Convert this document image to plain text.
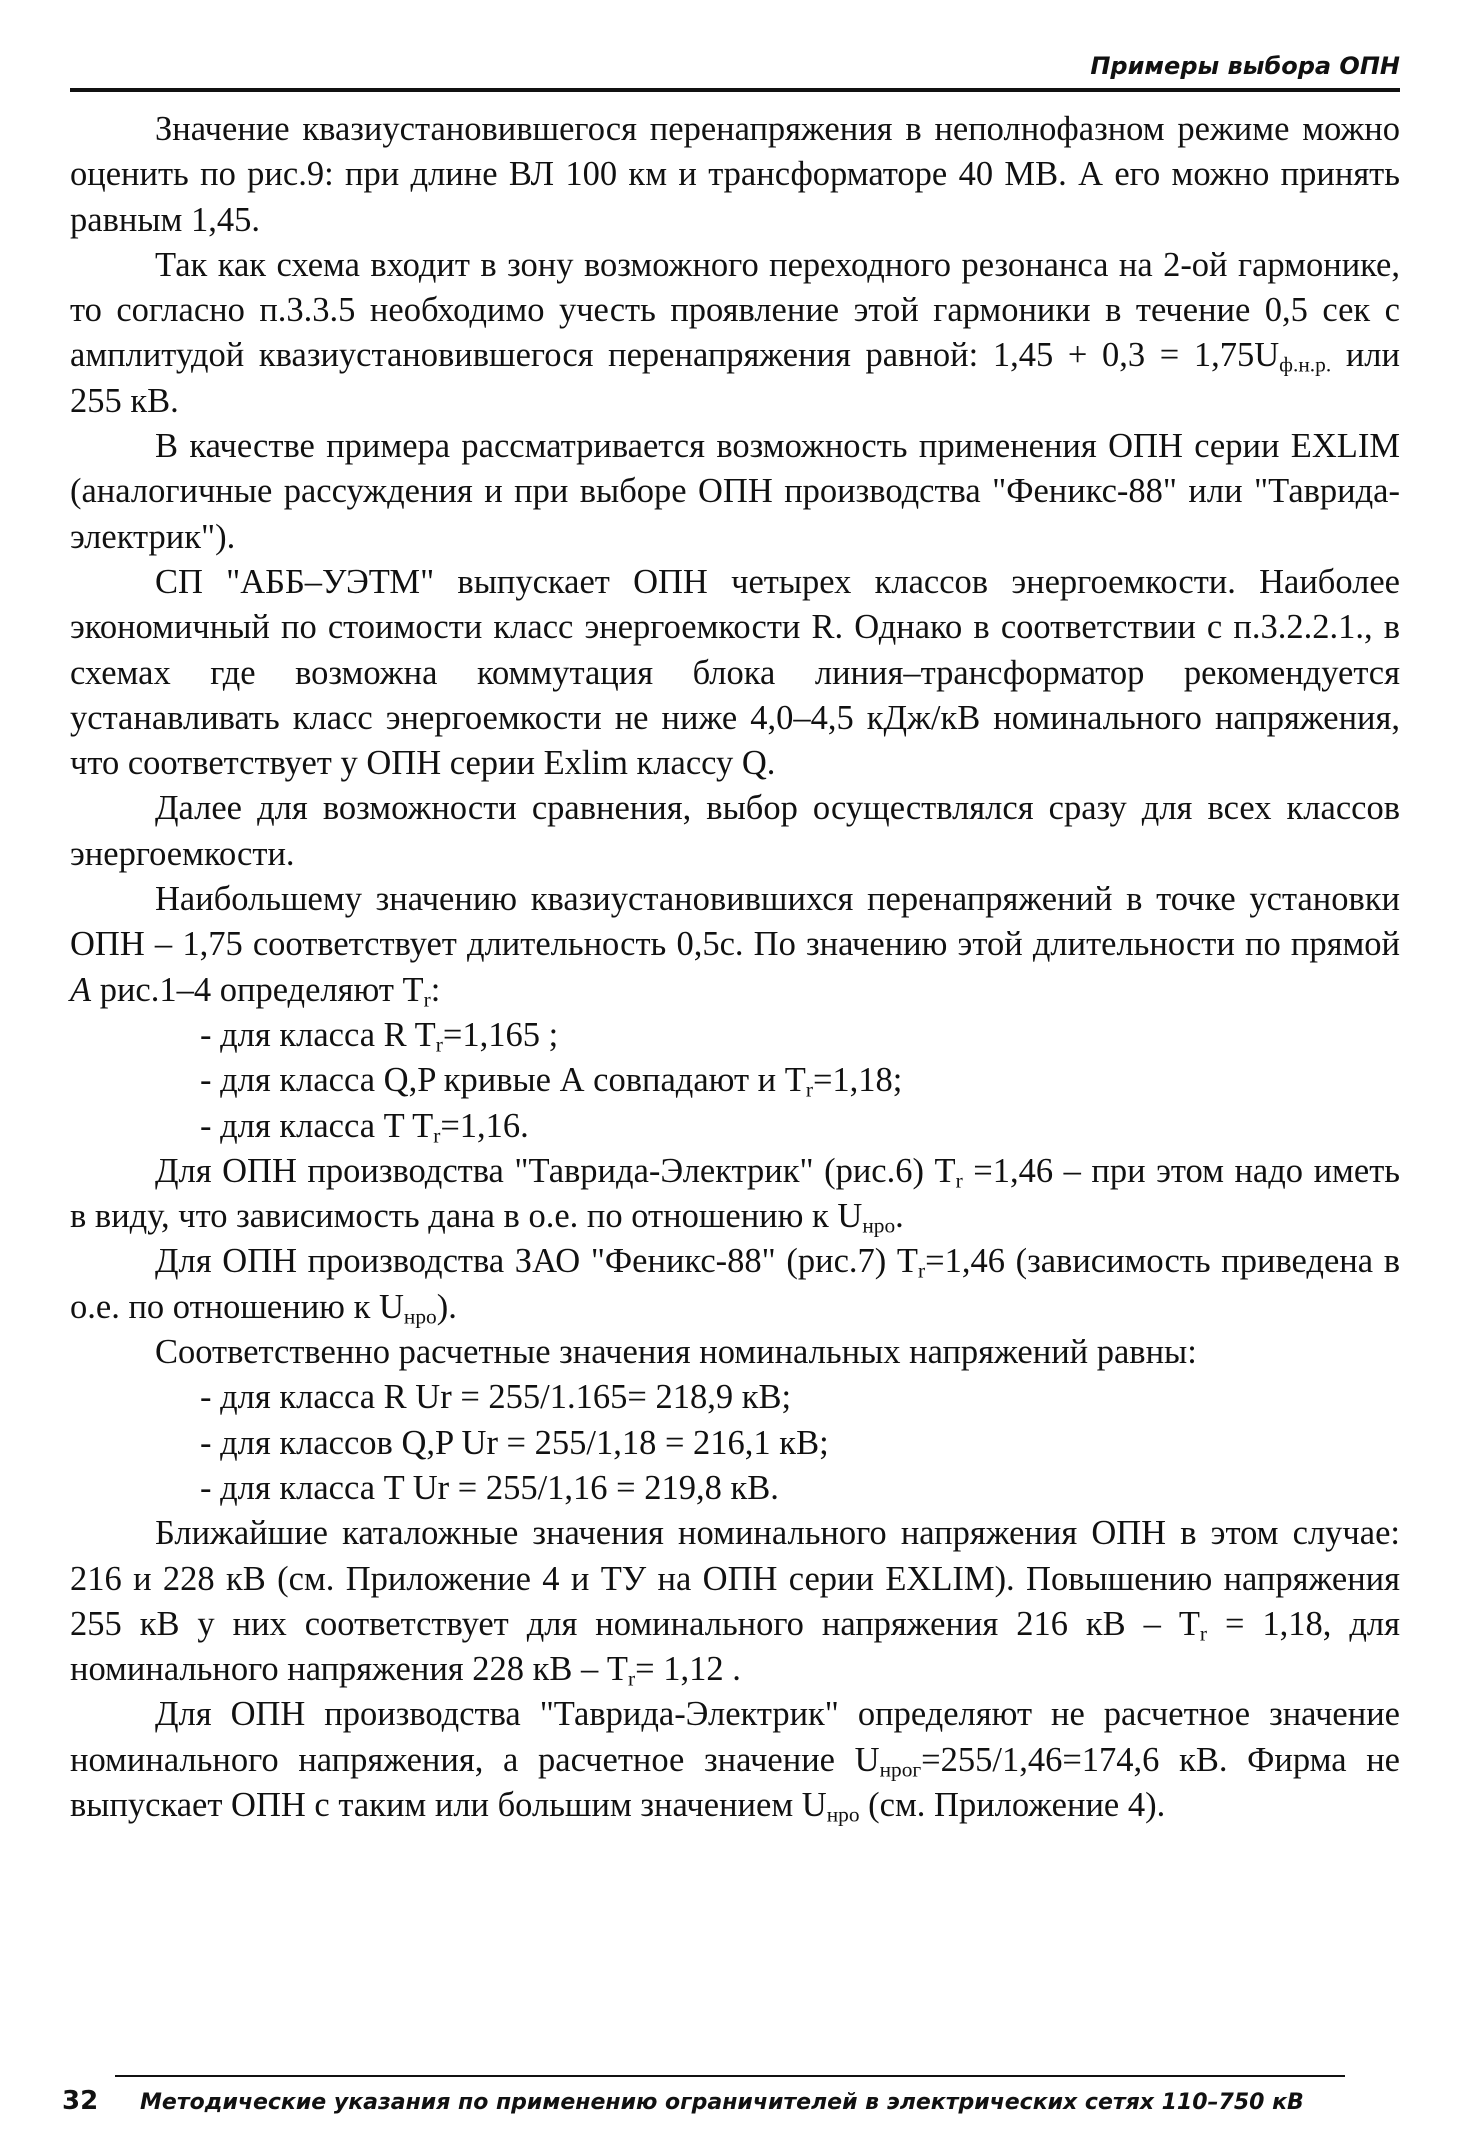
Примеры выбора ОПН

Значение квазиустановившегося перенапряжения в неполнофазном режиме можно оценить по рис.9: при длине ВЛ 100 км и трансформаторе 40 МВ. А его можно принять равным 1,45.

Так как схема входит в зону возможного переходного резонанса на 2-ой гармонике, то согласно п.3.3.5 необходимо учесть проявление этой гармоники в течение 0,5 сек с амплитудой квазиустановившегося перенапряжения равной: $1,45 + 0,3 = 1,75U_{ф.н.р.}$ или 255 кВ.

В качестве примера рассматривается возможность применения ОПН серии EXLIM (аналогичные рассуждения и при выборе ОПН производства "Феникс-88" или "Таврида-электрик").

СП "АББ–УЭТМ" выпускает ОПН четырех классов энергоемкости. Наиболее экономичный по стоимости класс энергоемкости R. Однако в соответствии с п.3.2.2.1., в схемах где возможна коммутация блока линия–трансформатор рекомендуется устанавливать класс энергоемкости не ниже 4,0–4,5 кДж/кВ номинального напряжения, что соответствует у ОПН серии Exlim классу Q.

Далее для возможности сравнения, выбор осуществлялся сразу для всех классов энергоемкости.

Наибольшему значению квазиустановившихся перенапряжений в точке установки ОПН – 1,75 соответствует длительность 0,5с. По значению этой длительности по прямой A рис.1–4 определяют $T_r$:

- для класса R $T_r=1,165$ ;

- для класса Q,P кривые А совпадают и $T_r=1,18$;

- для класса T $T_r=1,16$.

Для ОПН производства "Таврида-Электрик" (рис.6) $T_r =1,46$ – при этом надо иметь в виду, что зависимость дана в о.е. по отношению к $U_{нро}$.

Для ОПН производства ЗАО "Феникс-88" (рис.7) $T_r=1,46$ (зависимость приведена в о.е. по отношению к $U_{нро}$).

Соответственно расчетные значения номинальных напряжений равны:

- для класса R Ur = 255/1.165= 218,9 кВ;

- для классов Q,P Ur = 255/1,18 = 216,1 кВ;

- для класса T Ur = 255/1,16 = 219,8 кВ.

Ближайшие каталожные значения номинального напряжения ОПН в этом случае: 216 и 228 кВ (см. Приложение 4 и ТУ на ОПН серии EXLIM). Повышению напряжения 255 кВ у них соответствует для номинального напряжения 216 кВ – $T_r = 1,18$, для номинального напряжения 228 кВ – $T_r= 1,12$ .

Для ОПН производства "Таврида-Электрик" определяют не расчетное значение номинального напряжения, а расчетное значение $U_{нрoг}=255/1,46=174,6$ кВ. Фирма не выпускает ОПН с таким или большим значением $U_{нро}$ (см. Приложение 4).

32 Методические указания по применению ограничителей в электрических сетях 110–750 кВ
